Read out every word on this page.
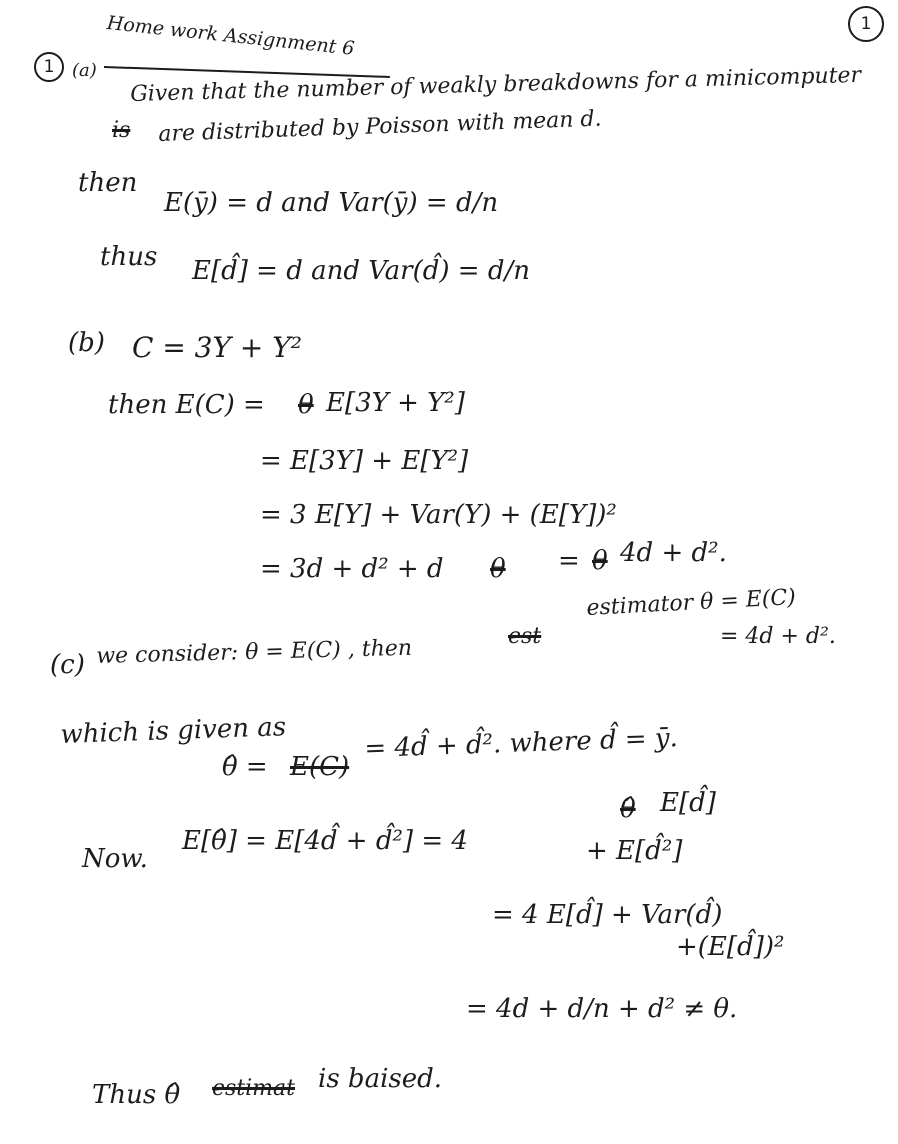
1
Home work Assignment 6
1 (a) Given that the number of weakly breakdowns for a minicomputer
is are distributed by Poisson with mean d.
then
E(ȳ) = d and Var(ȳ) = d/n
thus E[d̂] = d and Var(d̂) = d/n
(b) C = 3Y + Y²
then E(C) = θ E[3Y + Y²]
= E[3Y] + E[Y²]
= 3 E[Y] + Var(Y) + (E[Y])²
= 3d + d² + d θ = θ 4d + d².
(c) we consider: θ = E(C) , then	est
estimator θ = E(C)
= 4d + d².
which is given as
θ̂ = E(C)
= 4d̂ + d̂². where d̂ = ȳ.
Now.
E[θ̂] = E[4d̂ + d̂²] = 4
θ̂ E[d̂]
+ E[d̂²]
= 4 E[d̂] + Var(d̂)
+(E[d̂])²
= 4d + d/n + d² ≠ θ.
Thus θ̂ estimat is baised.
